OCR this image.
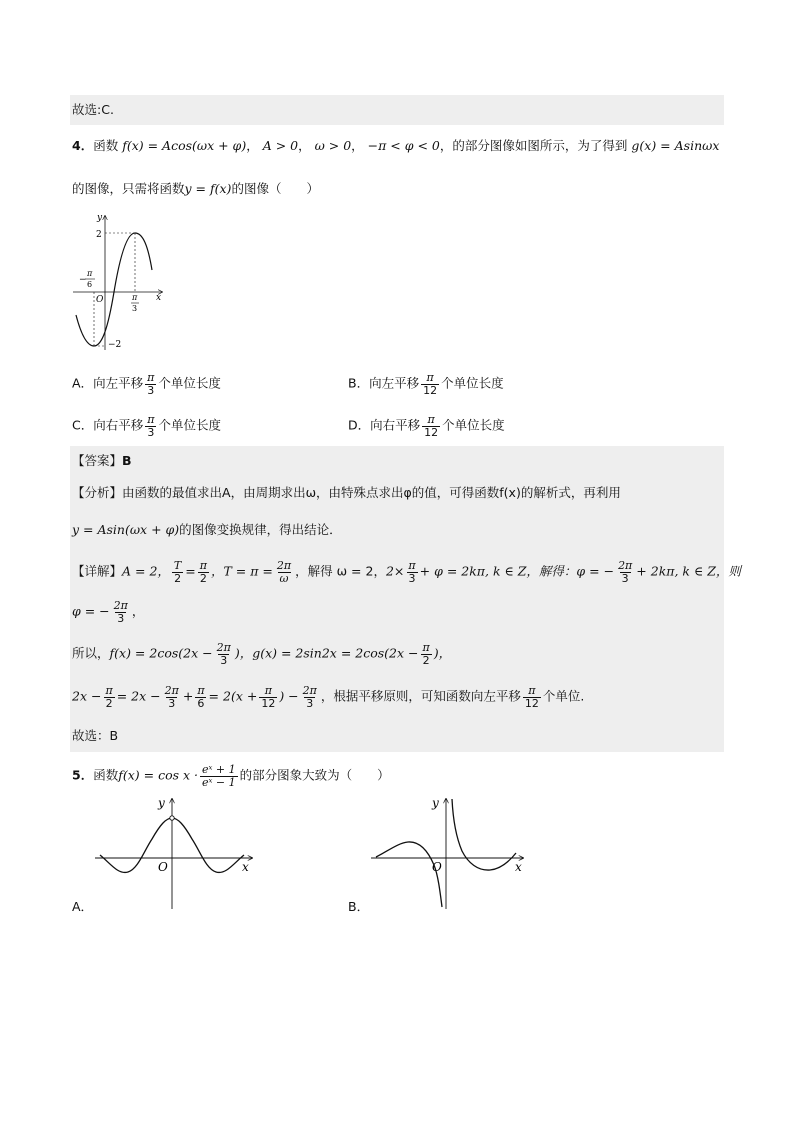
故选:C.
4．函数 f(x) = Acos(ωx + φ)， A > 0， ω > 0， −π < φ < 0，的部分图像如图所示，为了得到 g(x) = Asinωx
的图像，只需将函数y = f(x)的图像（　　）
y
x
O
2
−2
−
π
6
π
3
A．向左平移 $\frac{\pi}{3}$ 个单位长度	B．向左平移 $\frac{\pi}{12}$ 个单位长度
C．向右平移 $\frac{\pi}{3}$ 个单位长度	D．向右平移 $\frac{\pi}{12}$ 个单位长度
【答案】B
【分析】由函数的最值求出A，由周期求出ω，由特殊点求出φ的值，可得函数f(x)的解析式，再利用
y = Asin(ωx + φ)的图像变换规律，得出结论．
【详解】A = 2， $\frac{T}{2} = \frac{\pi}{2}$ ，$T = \pi = \frac{2\pi}{\omega}$ ，解得 ω = 2，$2\times \frac{\pi}{3} + \varphi = 2k\pi$, k ∈ Z，解得：φ = − $\frac{2\pi}{3} + 2k\pi$, k ∈ Z，则
φ = − $\frac{2\pi}{3}$ ，
所以，$f(x) = 2\cos(2x - \frac{2\pi}{3}$ )，$g(x) = 2\sin 2x = 2\cos(2x - \frac{\pi}{2}$ )，
$2x - \frac{\pi}{2} = 2x - \frac{2\pi}{3} + \frac{\pi}{6} = 2(x + \frac{\pi}{12}$ ) − $\frac{2\pi}{3}$ ，根据平移原则，可知函数向左平移 $\frac{\pi}{12}$ 个单位.
故选：B
5．函数$f(x) = \cos x \cdot \frac{\text{eˣ + 1}}{\text{eˣ − 1}}$ 的部分图象大致为（　　）
y
x
O
A．
y
x
O
B．
